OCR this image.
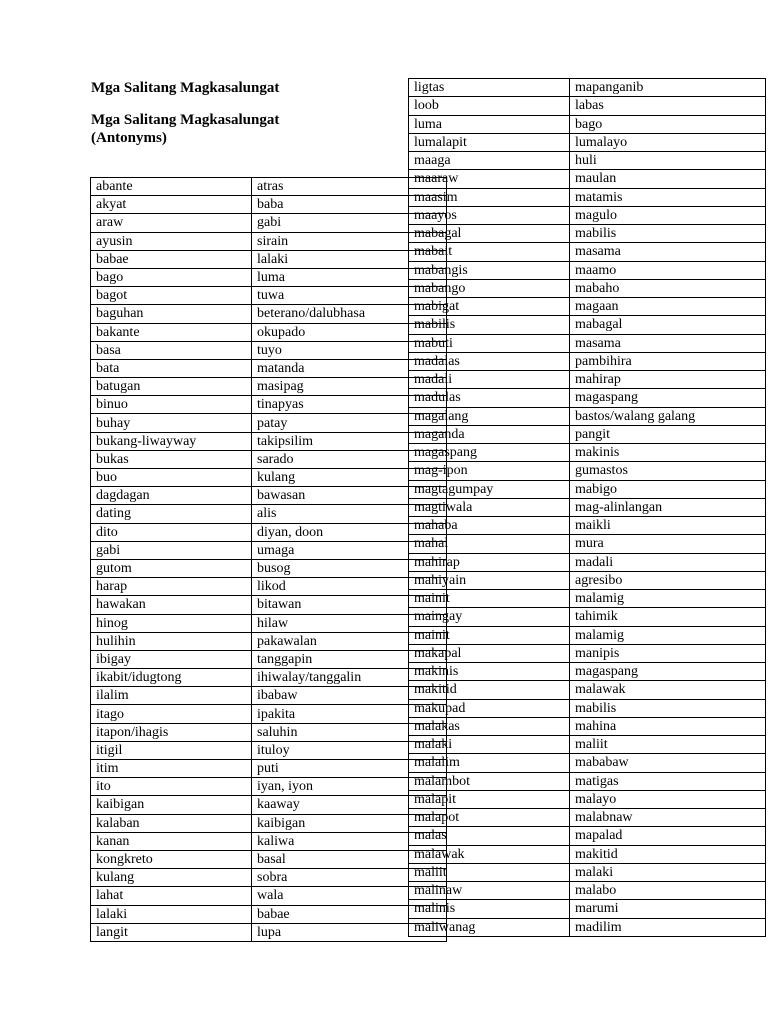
Mga Salitang Magkasalungat
Mga Salitang Magkasalungat
(Antonyms)
abante	atras
akyat	baba
araw	gabi
ayusin	sirain
babae	lalaki
bago	luma
bagot	tuwa
baguhan	beterano/dalubhasa
bakante	okupado
basa	tuyo
bata	matanda
batugan	masipag
binuo	tinapyas
buhay	patay
bukang-liwayway	takipsilim
bukas	sarado
buo	kulang
dagdagan	bawasan
dating	alis
dito	diyan, doon
gabi	umaga
gutom	busog
harap	likod
hawakan	bitawan
hinog	hilaw
hulihin	pakawalan
ibigay	tanggapin
ikabit/idugtong	ihiwalay/tanggalin
ilalim	ibabaw
itago	ipakita
itapon/ihagis	saluhin
itigil	ituloy
itim	puti
ito	iyan, iyon
kaibigan	kaaway
kalaban	kaibigan
kanan	kaliwa
kongkreto	basal
kulang	sobra
lahat	wala
lalaki	babae
langit	lupa
ligtas	mapanganib
loob	labas
luma	bago
lumalapit	lumalayo
maaga	huli
maaraw	maulan
maasim	matamis
maayos	magulo
mabagal	mabilis
mabait	masama
mabangis	maamo
mabango	mabaho
mabigat	magaan
mabilis	mabagal
mabuti	masama
madalas	pambihira
madali	mahirap
madulas	magaspang
magalang	bastos/walang galang
maganda	pangit
magaspang	makinis
mag-ipon	gumastos
magtagumpay	mabigo
magtiwala	mag-alinlangan
mahaba	maikli
mahal	mura
mahirap	madali
mahiyain	agresibo
mainit	malamig
maingay	tahimik
mainit	malamig
makapal	manipis
makinis	magaspang
makitid	malawak
makupad	mabilis
malakas	mahina
malaki	maliit
malalim	mababaw
malambot	matigas
malapit	malayo
malapot	malabnaw
malas	mapalad
malawak	makitid
maliit	malaki
malinaw	malabo
malinis	marumi
maliwanag	madilim
